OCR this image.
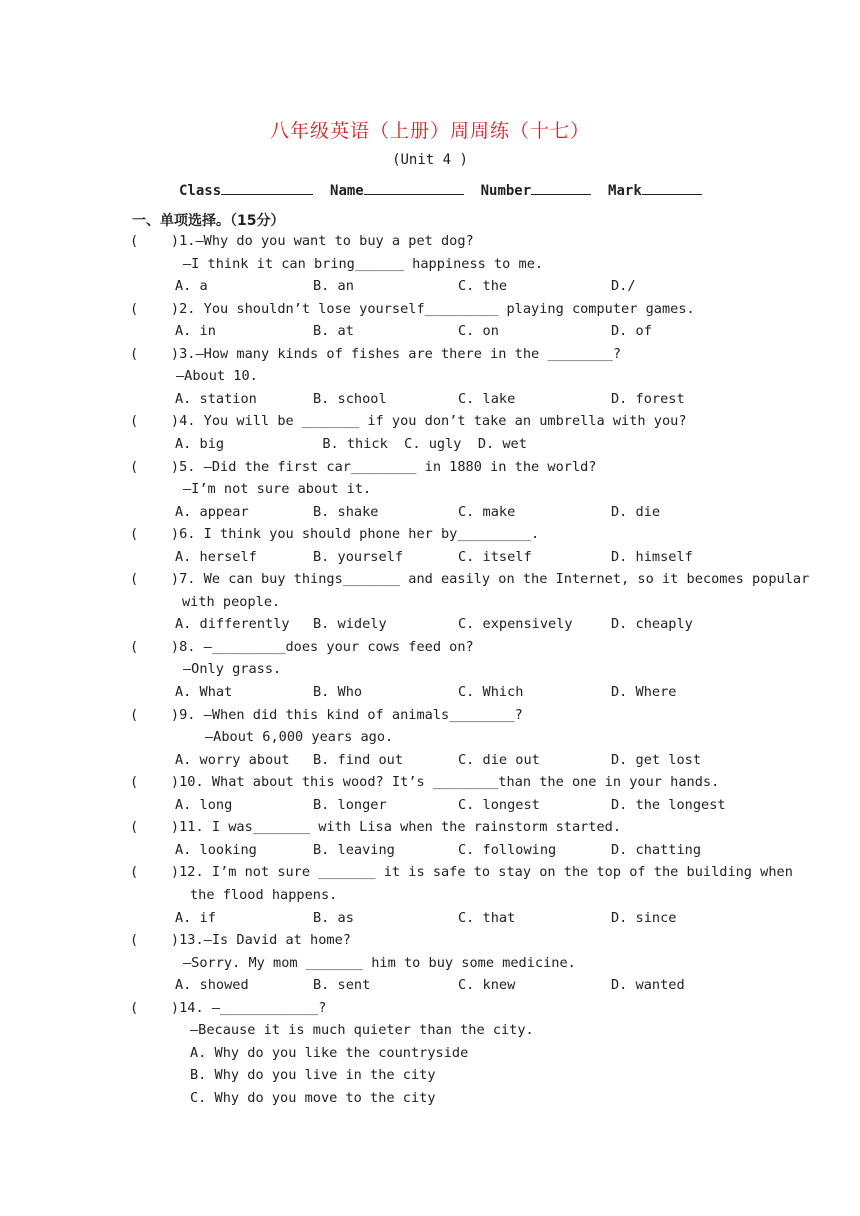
八年级英语（上册）周周练（十七）
(Unit 4 )
Class	Name	Number	Mark
一、单项选择。（15分）
(    )1.—Why do you want to buy a pet dog?
—I think it can bring______ happiness to me.
A. a	B. an	C. the	D./
(    )2. You shouldn’t lose yourself_________ playing computer games.
A. in	B. at	C. on	D. of
(    )3.—How many kinds of fishes are there in the ________?
—About 10.
A. station	B. school	C. lake	D. forest
(    )4. You will be _______ if you don’t take an umbrella with you?
A. big            B. thick  C. ugly  D. wet
(    )5. —Did the first car________ in 1880 in the world?
—I’m not sure about it.
A. appear	B. shake	C. make	D. die
(    )6. I think you should phone her by_________.
A. herself	B. yourself	C. itself	D. himself
(    )7. We can buy things_______ and easily on the Internet, so it becomes popular
with people.
A. differently B. widely	C. expensively	D. cheaply
(    )8. —_________does your cows feed on?
—Only grass.
A. What	B. Who	C. Which	D. Where
(    )9. —When did this kind of animals________?
—About 6,000 years ago.
A. worry about B. find out	C. die out	D. get lost
(    )10. What about this wood? It’s ________than the one in your hands.
A. long	B. longer	C. longest	D. the longest
(    )11. I was_______ with Lisa when the rainstorm started.
A. looking	B. leaving	C. following	D. chatting
(    )12. I’m not sure _______ it is safe to stay on the top of the building when
the flood happens.
A. if	B. as	C. that	D. since
(    )13.—Is David at home?
—Sorry. My mom _______ him to buy some medicine.
A. showed	B. sent	C. knew	D. wanted
(    )14. —____________?
—Because it is much quieter than the city.
A. Why do you like the countryside
B. Why do you live in the city
C. Why do you move to the city
